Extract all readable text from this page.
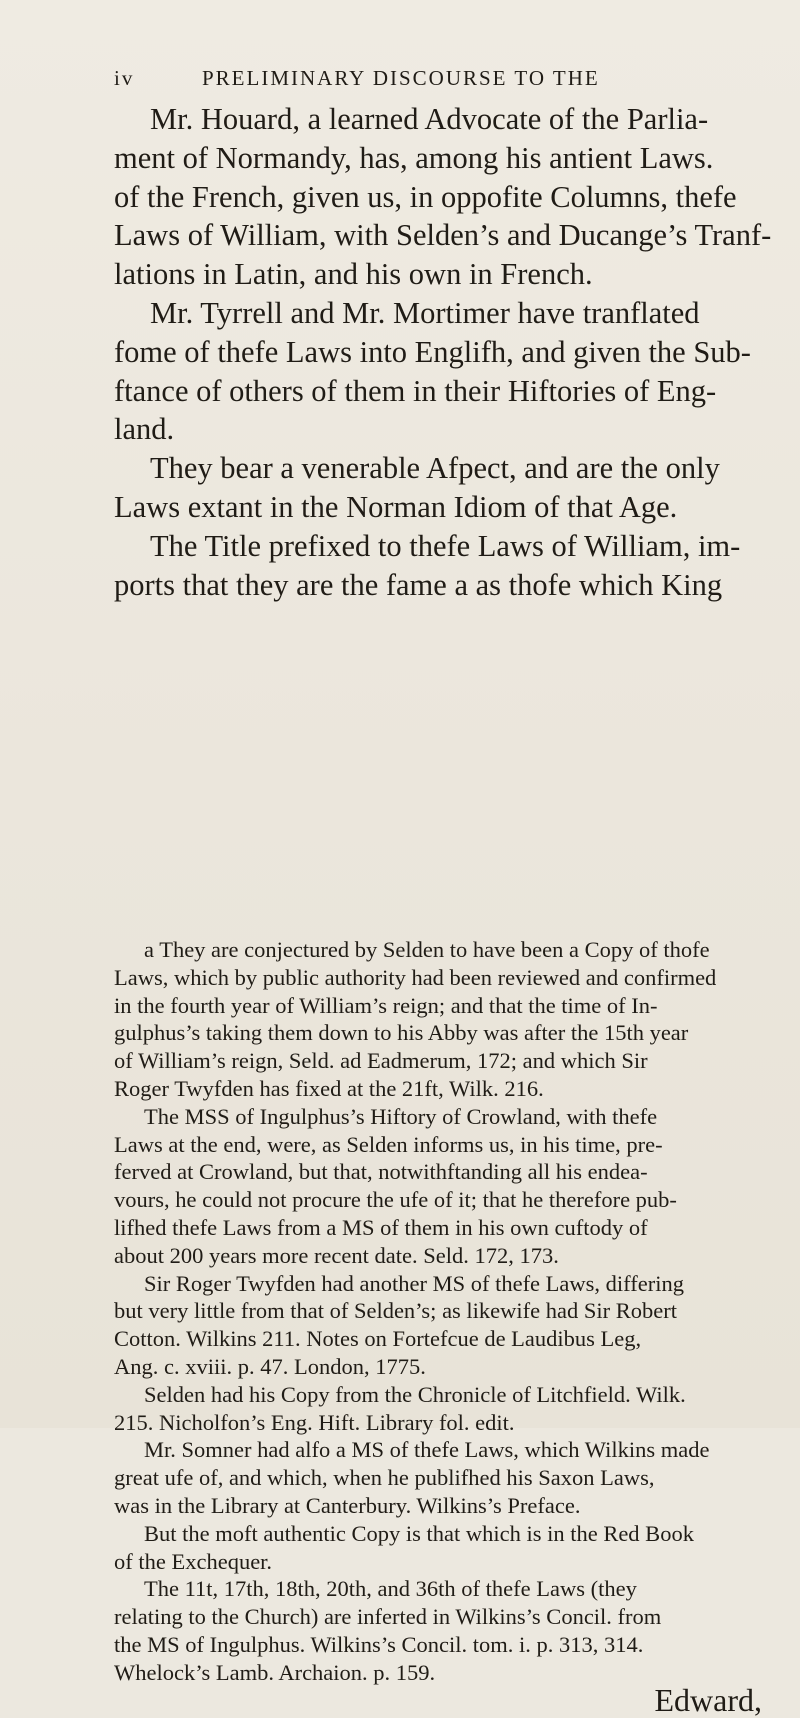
iv	PRELIMINARY DISCOURSE TO THE
Mr. Houard, a learned Advocate of the Parlia-
ment of Normandy, has, among his antient Laws.
of the French, given us, in oppofite Columns, thefe
Laws of William, with Selden’s and Ducange’s Tranf-
lations in Latin, and his own in French.
Mr. Tyrrell and Mr. Mortimer have tranflated
fome of thefe Laws into Englifh, and given the Sub-
ftance of others of them in their Hiftories of Eng-
land.
They bear a venerable Afpect, and are the only
Laws extant in the Norman Idiom of that Age.
The Title prefixed to thefe Laws of William, im-
ports that they are the fame a as thofe which King
a They are conjectured by Selden to have been a Copy of thofe
Laws, which by public authority had been reviewed and confirmed
in the fourth year of William’s reign; and that the time of In-
gulphus’s taking them down to his Abby was after the 15th year
of William’s reign, Seld. ad Eadmerum, 172; and which Sir
Roger Twyfden has fixed at the 21ft, Wilk. 216.
The MSS of Ingulphus’s Hiftory of Crowland, with thefe
Laws at the end, were, as Selden informs us, in his time, pre-
ferved at Crowland, but that, notwithftanding all his endea-
vours, he could not procure the ufe of it; that he therefore pub-
lifhed thefe Laws from a MS of them in his own cuftody of
about 200 years more recent date. Seld. 172, 173.
Sir Roger Twyfden had another MS of thefe Laws, differing
but very little from that of Selden’s; as likewife had Sir Robert
Cotton. Wilkins 211. Notes on Fortefcue de Laudibus Leg,
Ang. c. xviii. p. 47. London, 1775.
Selden had his Copy from the Chronicle of Litchfield. Wilk.
215. Nicholfon’s Eng. Hift. Library fol. edit.
Mr. Somner had alfo a MS of thefe Laws, which Wilkins made
great ufe of, and which, when he publifhed his Saxon Laws,
was in the Library at Canterbury. Wilkins’s Preface.
But the moft authentic Copy is that which is in the Red Book
of the Exchequer.
The 11t, 17th, 18th, 20th, and 36th of thefe Laws (they
relating to the Church) are inferted in Wilkins’s Concil. from
the MS of Ingulphus. Wilkins’s Concil. tom. i. p. 313, 314.
Whelock’s Lamb. Archaion. p. 159.
Edward,
